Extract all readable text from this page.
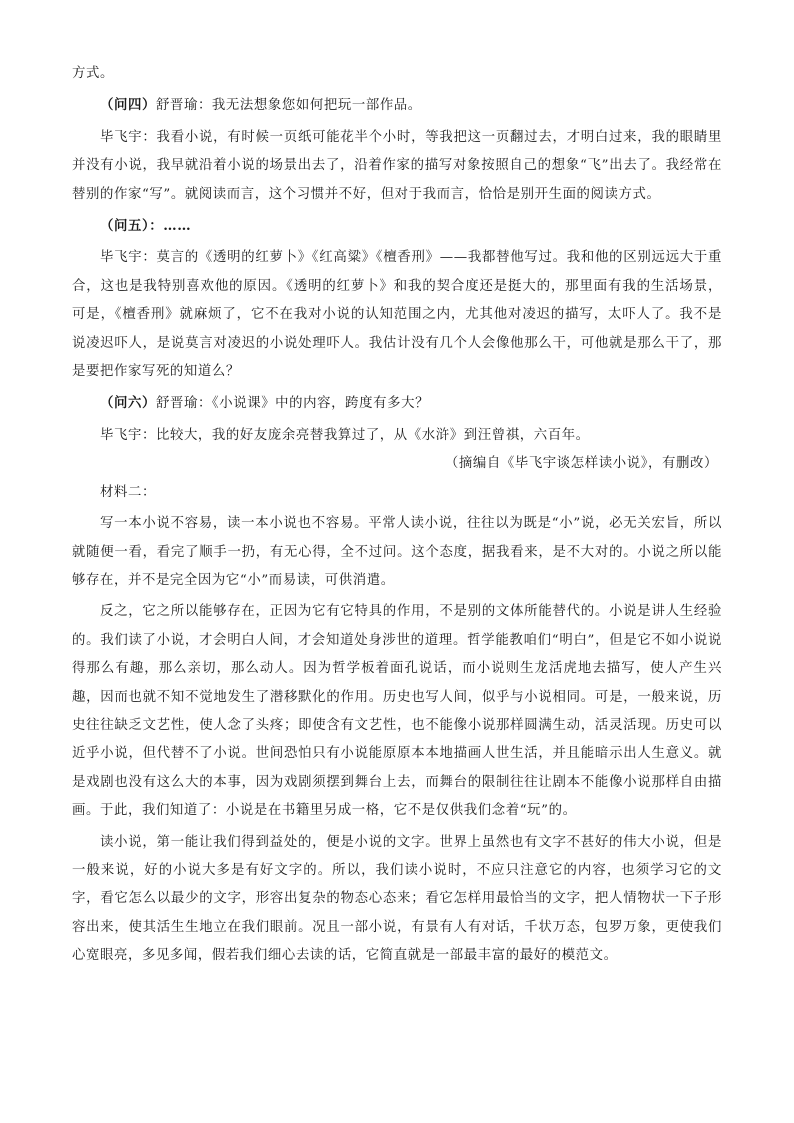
方式。

（问四）舒晋瑜：我无法想象您如何把玩一部作品。

毕飞宇：我看小说，有时候一页纸可能花半个小时，等我把这一页翻过去，才明白过来，我的眼睛里并没有小说，我早就沿着小说的场景出去了，沿着作家的描写对象按照自己的想象“飞”出去了。我经常在替别的作家“写”。就阅读而言，这个习惯并不好，但对于我而言，恰恰是别开生面的阅读方式。

（问五）：……

毕飞宇：莫言的《透明的红萝卜》《红高粱》《檀香刑》——我都替他写过。我和他的区别远远大于重合，这也是我特别喜欢他的原因。《透明的红萝卜》和我的契合度还是挺大的，那里面有我的生活场景，可是，《檀香刑》就麻烦了，它不在我对小说的认知范围之内，尤其他对凌迟的描写，太吓人了。我不是说凌迟吓人，是说莫言对凌迟的小说处理吓人。我估计没有几个人会像他那么干，可他就是那么干了，那是要把作家写死的知道么？

（问六）舒晋瑜：《小说课》中的内容，跨度有多大？

毕飞宇：比较大，我的好友庞余亮替我算过了，从《水浒》到汪曾祺，六百年。

（摘编自《毕飞宇谈怎样读小说》，有删改）

材料二：

写一本小说不容易，读一本小说也不容易。平常人读小说，往往以为既是“小”说，必无关宏旨，所以就随便一看，看完了顺手一扔，有无心得，全不过问。这个态度，据我看来，是不大对的。小说之所以能够存在，并不是完全因为它“小”而易读，可供消遣。

反之，它之所以能够存在，正因为它有它特具的作用，不是别的文体所能替代的。小说是讲人生经验的。我们读了小说，才会明白人间，才会知道处身涉世的道理。哲学能教咱们“明白”，但是它不如小说说得那么有趣，那么亲切，那么动人。因为哲学板着面孔说话，而小说则生龙活虎地去描写，使人产生兴趣，因而也就不知不觉地发生了潜移默化的作用。历史也写人间，似乎与小说相同。可是，一般来说，历史往往缺乏文艺性，使人念了头疼；即使含有文艺性，也不能像小说那样圆满生动，活灵活现。历史可以近乎小说，但代替不了小说。世间恐怕只有小说能原原本本地描画人世生活，并且能暗示出人生意义。就是戏剧也没有这么大的本事，因为戏剧须摆到舞台上去，而舞台的限制往往让剧本不能像小说那样自由描画。于此，我们知道了：小说是在书籍里另成一格，它不是仅供我们念着“玩”的。

读小说，第一能让我们得到益处的，便是小说的文字。世界上虽然也有文字不甚好的伟大小说，但是一般来说，好的小说大多是有好文字的。所以，我们读小说时，不应只注意它的内容，也须学习它的文字，看它怎么以最少的文字，形容出复杂的物态心态来；看它怎样用最恰当的文字，把人情物状一下子形容出来，使其活生生地立在我们眼前。况且一部小说，有景有人有对话，千状万态，包罗万象，更使我们心宽眼亮，多见多闻，假若我们细心去读的话，它简直就是一部最丰富的最好的模范文。
